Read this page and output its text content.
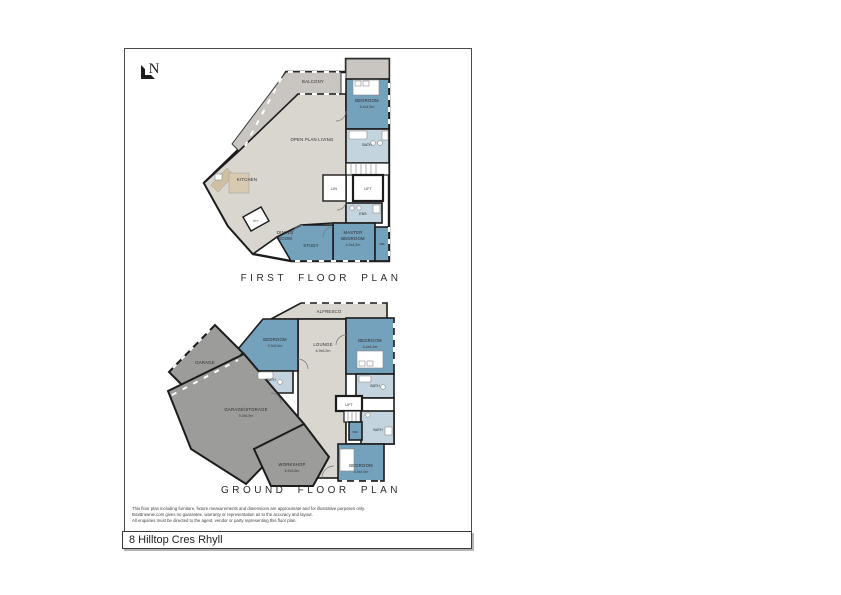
N
BALCONY
BEDROOM
5.4x4.5m
BATH
LIFT
LIN
ENS
WIR
OPEN PLAN LIVING
KITCHEN
PTY
DINING
ROOM
STUDY
MASTER
BEDROOM
4.2x4.2m
FIRST FLOOR PLAN
ALFRESCO
BEDROOM
5.5x5.5m	LOUNGE
6.9x5.2m
BEDROOM
4.4x4.2m
BATH
GARAGE
GARAGE/STORAGE
9.2x6.9m
LIFT
BATH
BATH
WIR
WORKSHOP
6.9x3.5m
BEDROOM
3.5x4.0m
GROUND FLOOR PLAN
This floor plan including furniture, fixture measurements and dimensions are approximate and for illustrative purposes only.
BoxBrownie.com gives no guarantee, warranty or representation as to the accuracy and layout.
All enquiries must be directed to the agent, vendor or party representing this floor plan.
8 Hilltop Cres Rhyll
